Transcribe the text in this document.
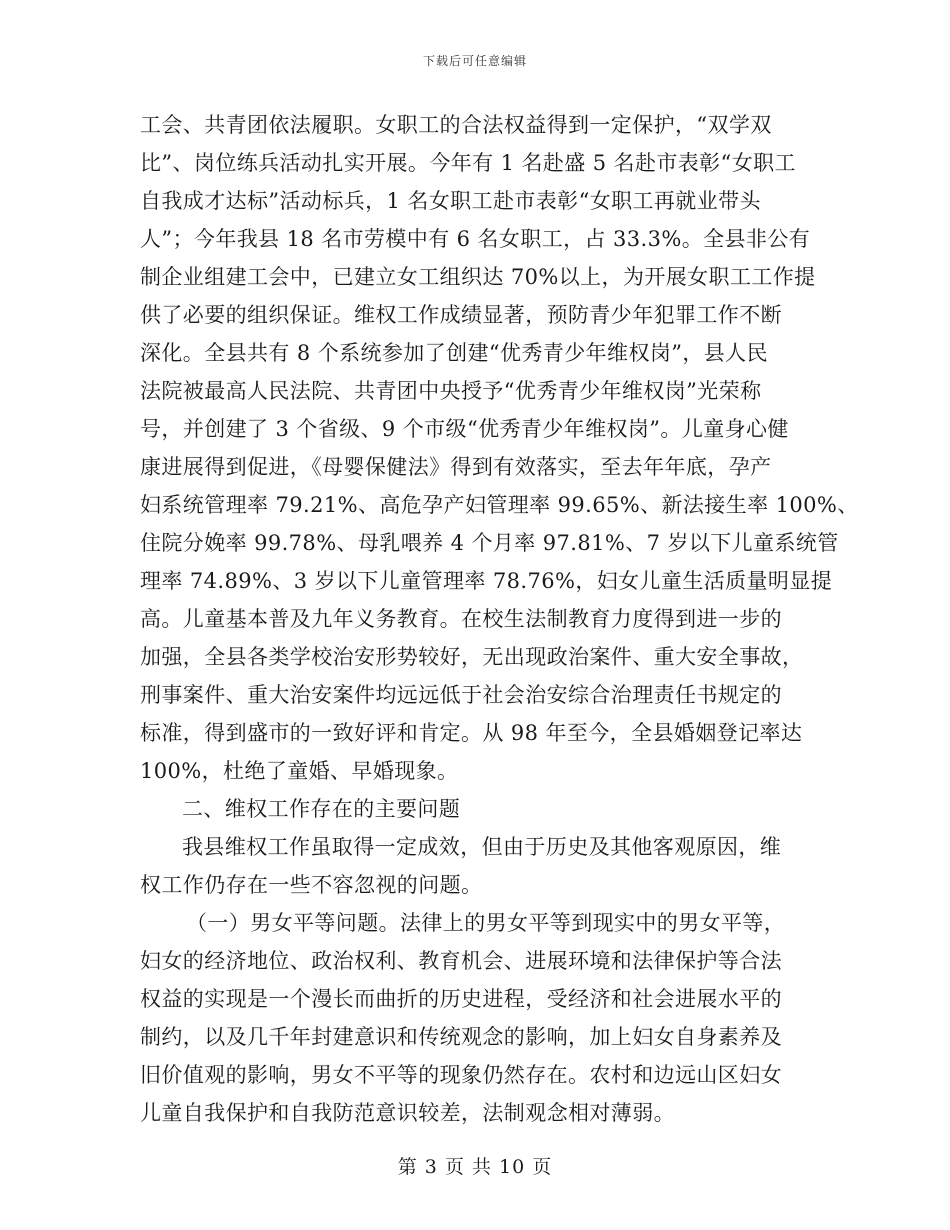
下载后可任意编辑
工会、共青团依法履职。女职工的合法权益得到一定保护，“双学双
比”、岗位练兵活动扎实开展。今年有 1 名赴盛 5 名赴市表彰“女职工
自我成才达标”活动标兵，1 名女职工赴市表彰“女职工再就业带头
人”；今年我县 18 名市劳模中有 6 名女职工，占 33.3%。全县非公有
制企业组建工会中，已建立女工组织达 70%以上，为开展女职工工作提
供了必要的组织保证。维权工作成绩显著，预防青少年犯罪工作不断
深化。全县共有 8 个系统参加了创建“优秀青少年维权岗”，县人民
法院被最高人民法院、共青团中央授予“优秀青少年维权岗”光荣称
号，并创建了 3 个省级、9 个市级“优秀青少年维权岗”。儿童身心健
康进展得到促进，《母婴保健法》得到有效落实，至去年年底，孕产
妇系统管理率 79.21%、高危孕产妇管理率 99.65%、新法接生率 100%、
住院分娩率 99.78%、母乳喂养 4 个月率 97.81%、7 岁以下儿童系统管
理率 74.89%、3 岁以下儿童管理率 78.76%，妇女儿童生活质量明显提
高。儿童基本普及九年义务教育。在校生法制教育力度得到进一步的
加强，全县各类学校治安形势较好，无出现政治案件、重大安全事故，
刑事案件、重大治安案件均远远低于社会治安综合治理责任书规定的
标准，得到盛市的一致好评和肯定。从 98 年至今，全县婚姻登记率达
100%，杜绝了童婚、早婚现象。
二、维权工作存在的主要问题
我县维权工作虽取得一定成效，但由于历史及其他客观原因，维
权工作仍存在一些不容忽视的问题。
（一）男女平等问题。法律上的男女平等到现实中的男女平等，
妇女的经济地位、政治权利、教育机会、进展环境和法律保护等合法
权益的实现是一个漫长而曲折的历史进程，受经济和社会进展水平的
制约，以及几千年封建意识和传统观念的影响，加上妇女自身素养及
旧价值观的影响，男女不平等的现象仍然存在。农村和边远山区妇女
儿童自我保护和自我防范意识较差，法制观念相对薄弱。
第 3 页 共 10 页
